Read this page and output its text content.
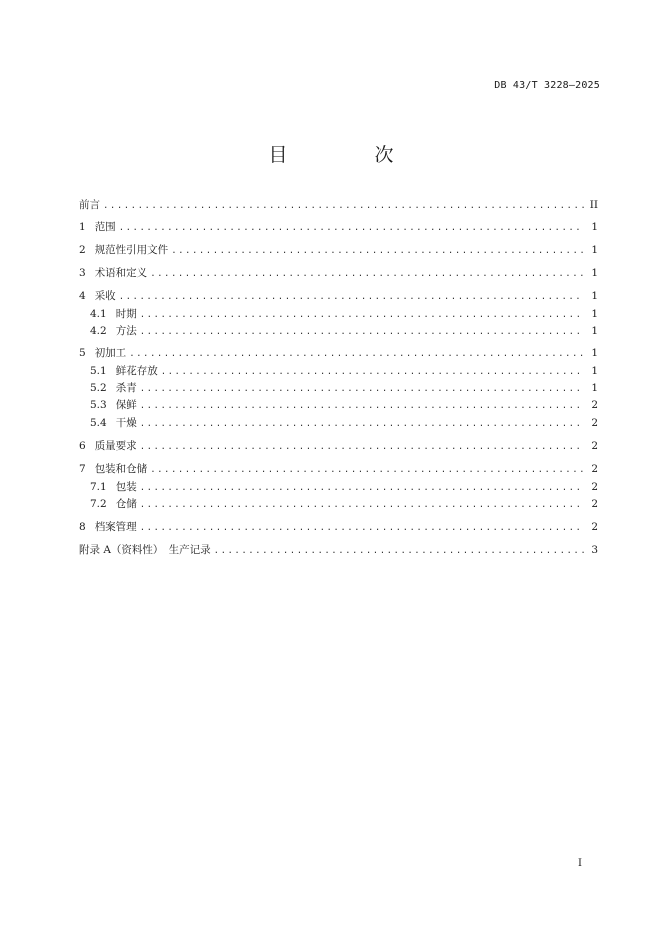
DB 43/T 3228—2025
目　次
前言 .....	II
1 范围 .....	1
2 规范性引用文件 .....	1
3 术语和定义 .....	1
4 采收 .....	1
4.1 时期 .....	1
4.2 方法 .....	1
5 初加工 .....	1
5.1 鲜花存放 .....	1
5.2 杀青 .....	1
5.3 保鲜 .....	2
5.4 干燥 .....	2
6 质量要求 .....	2
7 包装和仓储 .....	2
7.1 包装 .....	2
7.2 仓储 .....	2
8 档案管理 .....	2
附录 A（资料性）　生产记录 .....	3
I
